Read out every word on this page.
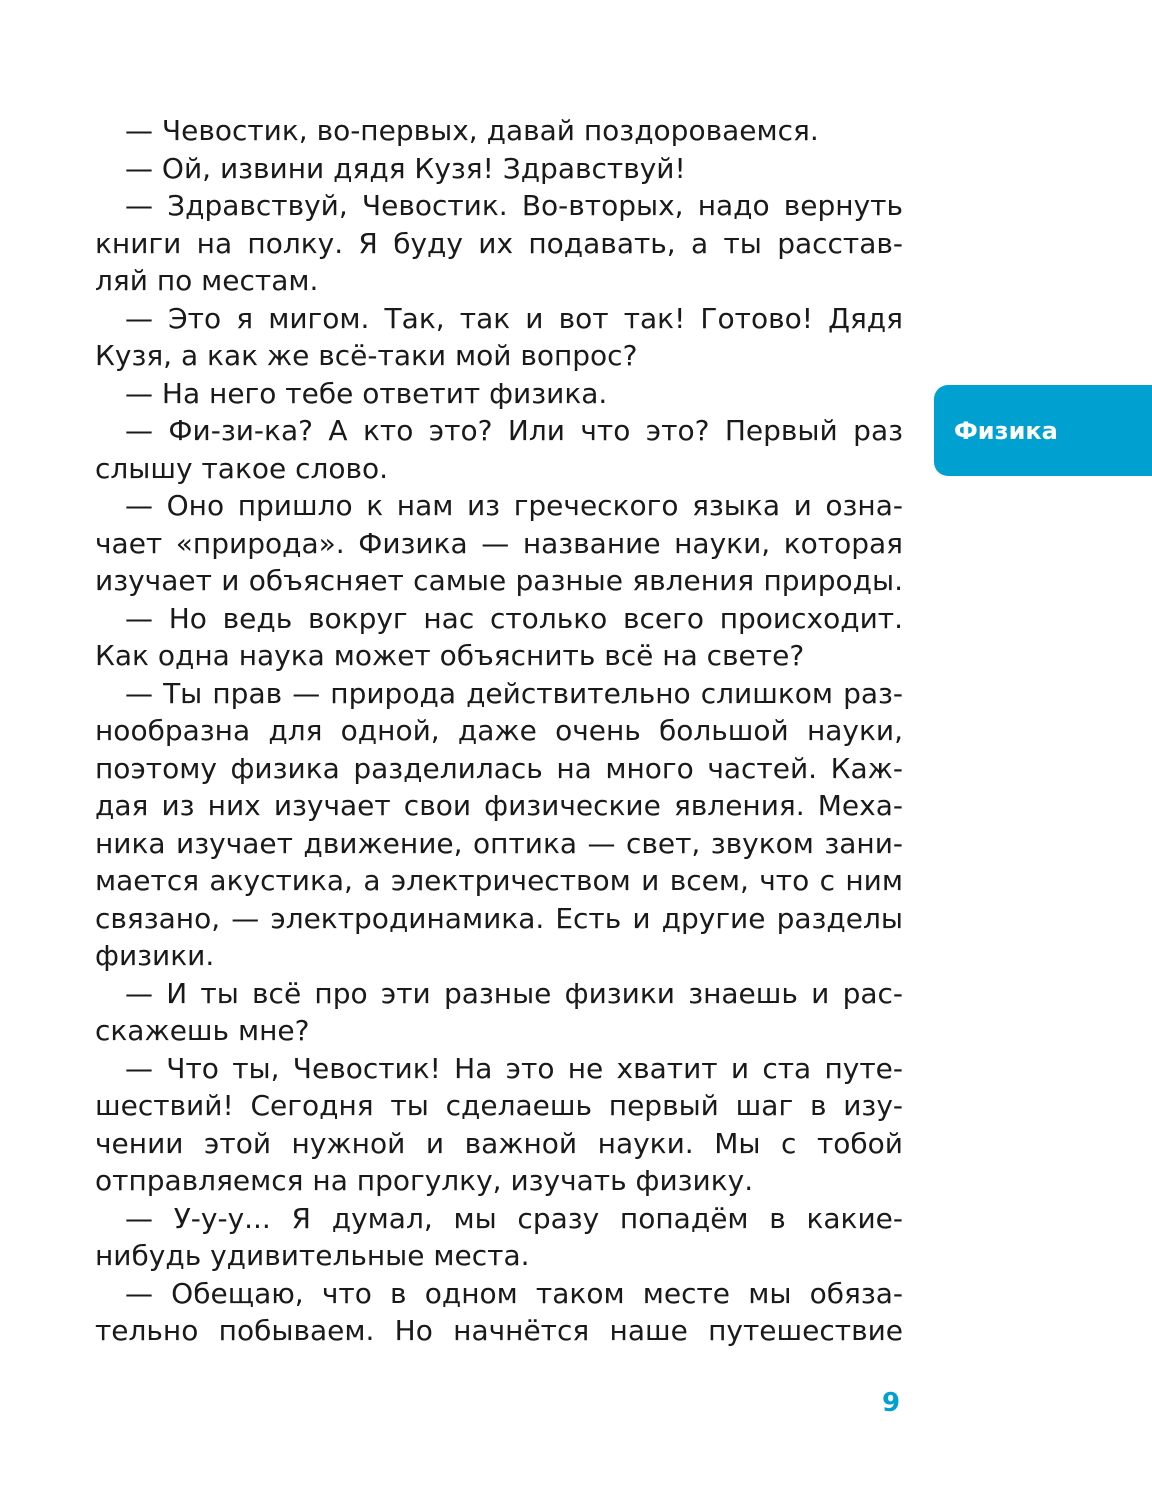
— Чевостик, во-первых, давай поздороваемся.
— Ой, извини дядя Кузя! Здравствуй!
— Здравствуй, Чевостик. Во-вторых, надо вернуть
книги на полку. Я буду их подавать, а ты расстав-
ляй по местам.
— Это я мигом. Так, так и вот так! Готово! Дядя
Кузя, а как же всё-таки мой вопрос?
— На него тебе ответит физика.
— Фи-зи-ка? А кто это? Или что это? Первый раз
слышу такое слово.
— Оно пришло к нам из греческого языка и озна-
чает «природа». Физика — название науки, которая
изучает и объясняет самые разные явления природы.
— Но ведь вокруг нас столько всего происходит.
Как одна наука может объяснить всё на свете?
— Ты прав — природа действительно слишком раз-
нообразна для одной, даже очень большой науки,
поэтому физика разделилась на много частей. Каж-
дая из них изучает свои физические явления. Меха-
ника изучает движение, оптика — свет, звуком зани-
мается акустика, а электричеством и всем, что с ним
связано, — электродинамика. Есть и другие разделы
физики.
— И ты всё про эти разные физики знаешь и рас-
скажешь мне?
— Что ты, Чевостик! На это не хватит и ста путе-
шествий! Сегодня ты сделаешь первый шаг в изу-
чении этой нужной и важной науки. Мы с тобой
отправляемся на прогулку, изучать физику.
— У-у-у... Я думал, мы сразу попадём в какие-
нибудь удивительные места.
— Обещаю, что в одном таком месте мы обяза-
тельно побываем. Но начнётся наше путешествие
Физика
9
